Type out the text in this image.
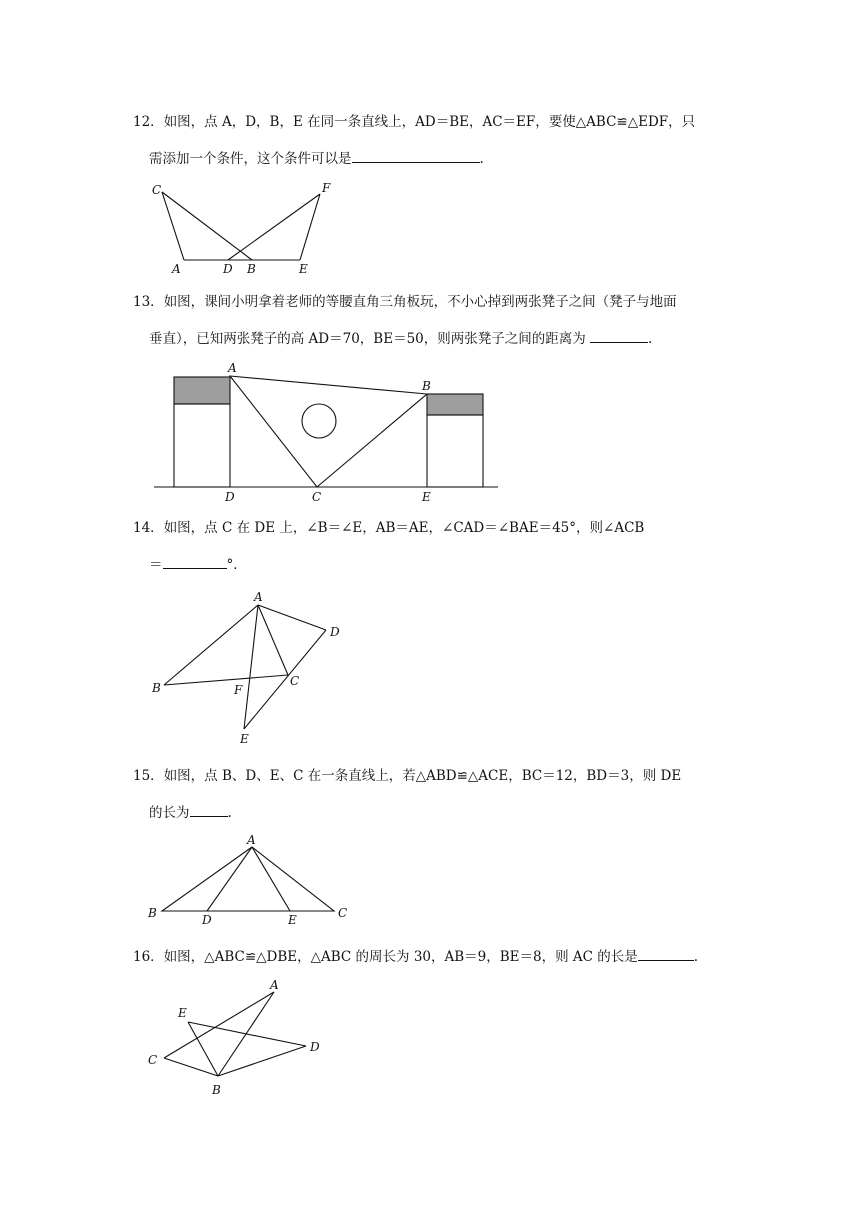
12．如图，点 A，D，B，E 在同一条直线上，AD＝BE，AC＝EF，要使△ABC≌△EDF，只
需添加一个条件，这个条件可以是	.
C	F
A	D B	E
13．如图，课间小明拿着老师的等腰直角三角板玩，不小心掉到两张凳子之间（凳子与地面
垂直），已知两张凳子的高 AD＝70，BE＝50，则两张凳子之间的距离为	.
A
B
D	C	E
14．如图，点 C 在 DE 上，∠B＝∠E，AB＝AE，∠CAD＝∠BAE＝45°，则∠ACB
＝	°．
A
D
B	C
F
E
15．如图，点 B、D、E、C 在一条直线上，若△ABD≌△ACE，BC＝12，BD＝3，则 DE
的长为	.
A
B	D	E	C
16．如图，△ABC≌△DBE，△ABC 的周长为 30，AB＝9，BE＝8，则 AC 的长是	.
A
E
C
D
B
